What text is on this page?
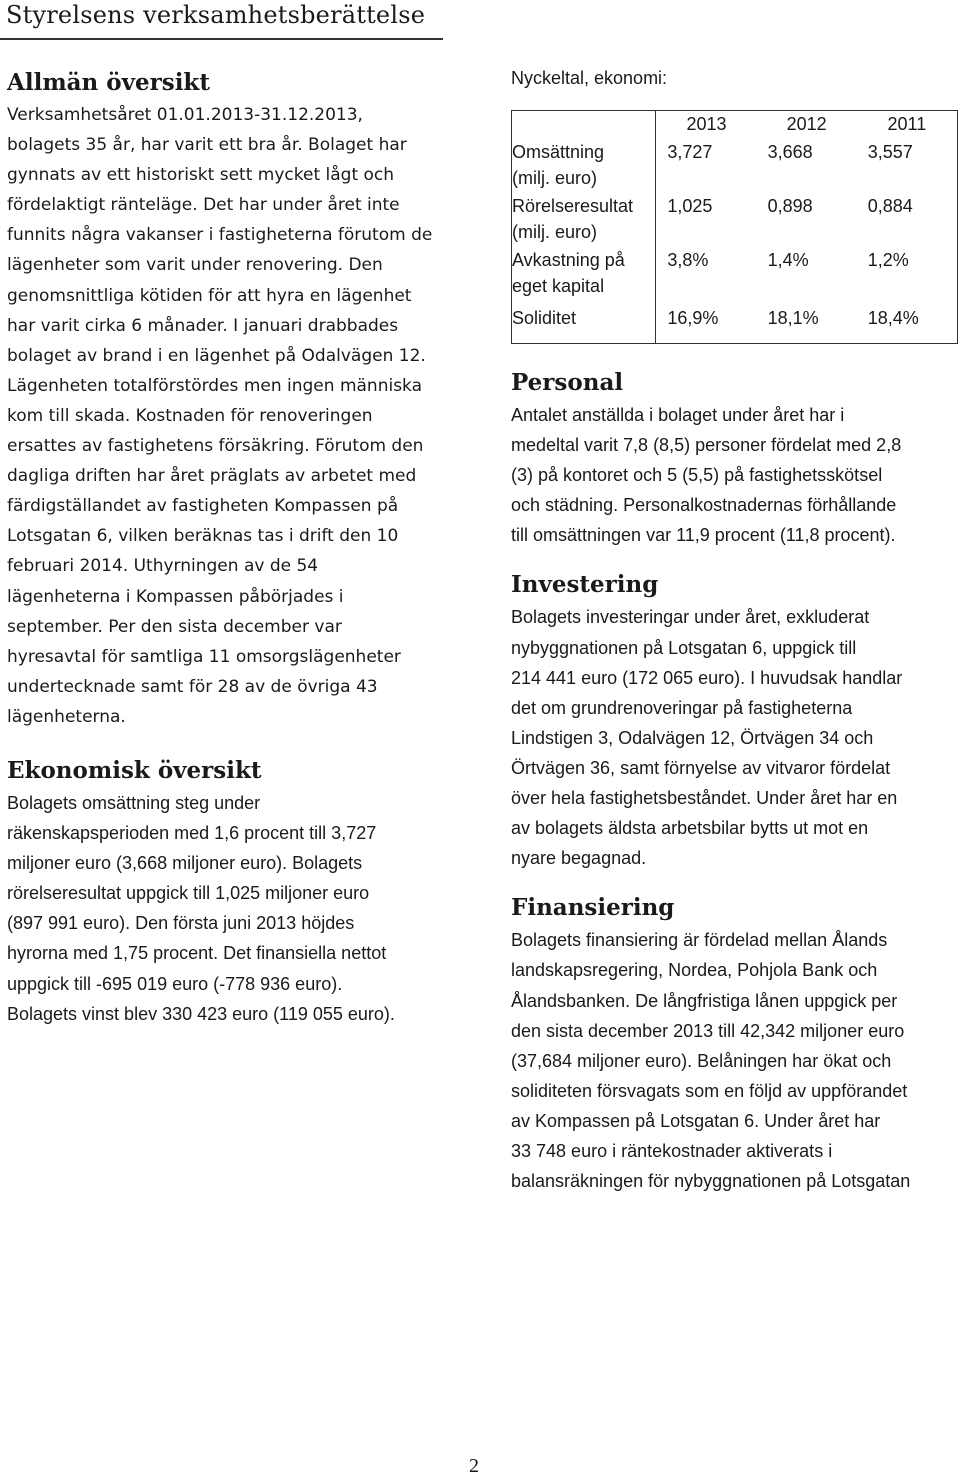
Styrelsens verksamhetsberättelse
Allmän översikt

Verksamhetsåret 01.01.2013-31.12.2013,
bolagets 35 år, har varit ett bra år. Bolaget har
gynnats av ett historiskt sett mycket lågt och
fördelaktigt ränteläge. Det har under året inte
funnits några vakanser i fastigheterna förutom de
lägenheter som varit under renovering. Den
genomsnittliga kötiden för att hyra en lägenhet
har varit cirka 6 månader. I januari drabbades
bolaget av brand i en lägenhet på Odalvägen 12.
Lägenheten totalförstördes men ingen människa
kom till skada. Kostnaden för renoveringen
ersattes av fastighetens försäkring. Förutom den
dagliga driften har året präglats av arbetet med
färdigställandet av fastigheten Kompassen på
Lotsgatan 6, vilken beräknas tas i drift den 10
februari 2014. Uthyrningen av de 54
lägenheterna i Kompassen påbörjades i
september. Per den sista december var
hyresavtal för samtliga 11 omsorgslägenheter
undertecknade samt för 28 av de övriga 43
lägenheterna.

Ekonomisk översikt

Bolagets omsättning steg under
räkenskapsperioden med 1,6 procent till 3,727
miljoner euro (3,668 miljoner euro). Bolagets
rörelseresultat uppgick till 1,025 miljoner euro
(897 991 euro). Den första juni 2013 höjdes
hyrorna med 1,75 procent. Det finansiella nettot
uppgick till -695 019 euro (-778 936 euro).
Bolagets vinst blev 330 423 euro (119 055 euro).

Nyckeltal, ekonomi:

	2013	2012	2011
Omsättning
(milj. euro)	3,727	3,668	3,557
Rörelseresultat
(milj. euro)	1,025	0,898	0,884
Avkastning på
eget kapital	3,8%	1,4%	1,2%
Soliditet	16,9%	18,1%	18,4%
Personal

Antalet anställda i bolaget under året har i
medeltal varit 7,8 (8,5) personer fördelat med 2,8
(3) på kontoret och 5 (5,5) på fastighetsskötsel
och städning. Personalkostnadernas förhållande
till omsättningen var 11,9 procent (11,8 procent).

Investering

Bolagets investeringar under året, exkluderat
nybyggnationen på Lotsgatan 6, uppgick till
214 441 euro (172 065 euro). I huvudsak handlar
det om grundrenoveringar på fastigheterna
Lindstigen 3, Odalvägen 12, Örtvägen 34 och
Örtvägen 36, samt förnyelse av vitvaror fördelat
över hela fastighetsbeståndet. Under året har en
av bolagets äldsta arbetsbilar bytts ut mot en
nyare begagnad.

Finansiering

Bolagets finansiering är fördelad mellan Ålands
landskapsregering, Nordea, Pohjola Bank och
Ålandsbanken. De långfristiga lånen uppgick per
den sista december 2013 till 42,342 miljoner euro
(37,684 miljoner euro). Belåningen har ökat och
soliditeten försvagats som en följd av uppförandet
av Kompassen på Lotsgatan 6. Under året har
33 748 euro i räntekostnader aktiverats i
balansräkningen för nybyggnationen på Lotsgatan

2
